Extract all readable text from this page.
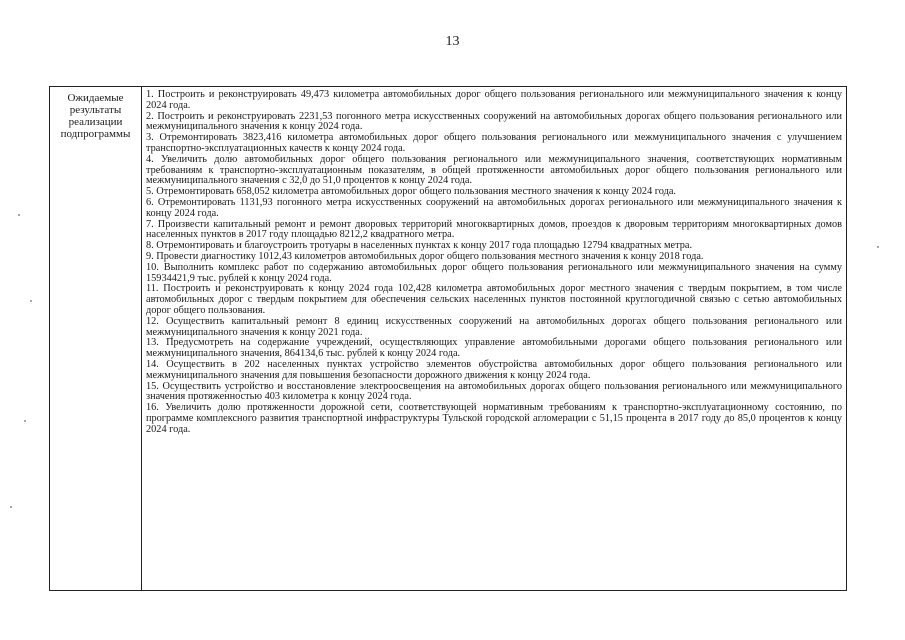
13
Ожидаемые
результаты
реализации
подпрограммы

1. Построить и реконструировать 49,473 километра автомобильных дорог общего пользования регионального или межмуниципального значения к концу 2024 года.

2. Построить и реконструировать 2231,53 погонного метра искусственных сооружений на автомобильных дорогах общего пользования регионального или межмуниципального значения к концу 2024 года.

3. Отремонтировать 3823,416 километра автомобильных дорог общего пользования регионального или межмуниципального значения с улучшением транспортно-эксплуатационных качеств к концу 2024 года.

4. Увеличить долю автомобильных дорог общего пользования регионального или межмуниципального значения, соответствующих нормативным требованиям к транспортно-эксплуатационным показателям, в общей протяженности автомобильных дорог общего пользования регионального или межмуниципального значения с 32,0 до 51,0 процентов к концу 2024 года.

5. Отремонтировать 658,052 километра автомобильных дорог общего пользования местного значения к концу 2024 года.

6. Отремонтировать 1131,93 погонного метра искусственных сооружений на автомобильных дорогах регионального или межмуниципального значения к концу 2024 года.

7. Произвести капитальный ремонт и ремонт дворовых территорий многоквартирных домов, проездов к дворовым территориям многоквартирных домов населенных пунктов в 2017 году площадью 8212,2 квадратного метра.

8. Отремонтировать и благоустроить тротуары в населенных пунктах к концу 2017 года площадью 12794 квадратных метра.

9. Провести диагностику 1012,43 километров автомобильных дорог общего пользования местного значения к концу 2018 года.

10. Выполнить комплекс работ по содержанию автомобильных дорог общего пользования регионального или межмуниципального значения на сумму 15934421,9 тыс. рублей к концу 2024 года.

11. Построить и реконструировать к концу 2024 года 102,428 километра автомобильных дорог местного значения с твердым покрытием, в том числе автомобильных дорог с твердым покрытием для обеспечения сельских населенных пунктов постоянной круглогодичной связью с сетью автомобильных дорог общего пользования.

12. Осуществить капитальный ремонт 8 единиц искусственных сооружений на автомобильных дорогах общего пользования регионального или межмуниципального значения к концу 2021 года.

13. Предусмотреть на содержание учреждений, осуществляющих управление автомобильными дорогами общего пользования регионального или межмуниципального значения, 864134,6 тыс. рублей к концу 2024 года.

14. Осуществить в 202 населенных пунктах устройство элементов обустройства автомобильных дорог общего пользования регионального или межмуниципального значения для повышения безопасности дорожного движения к концу 2024 года.

15. Осуществить устройство и восстановление электроосвещения на автомобильных дорогах общего пользования регионального или межмуниципального значения протяженностью 403 километра к концу 2024 года.

16. Увеличить долю протяженности дорожной сети, соответствующей нормативным требованиям к транспортно-эксплуатационному состоянию, по программе комплексного развития транспортной инфраструктуры Тульской городской агломерации с 51,15 процента в 2017 году до 85,0 процентов к концу 2024 года.
